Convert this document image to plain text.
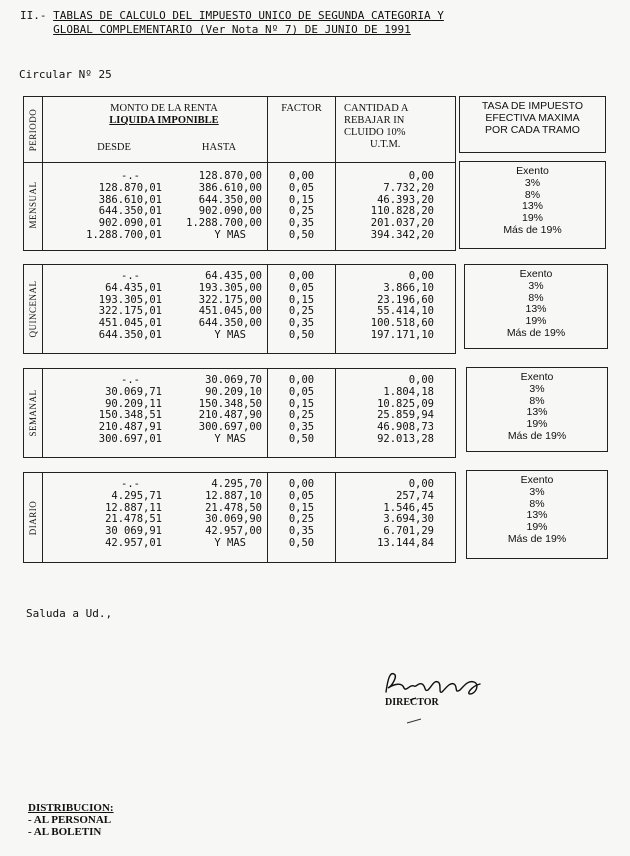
II.- TABLAS DE CALCULO DEL IMPUESTO UNICO DE SEGUNDA CATEGORIA Y
GLOBAL COMPLEMENTARIO (Ver Nota Nº 7) DE JUNIO DE 1991
Circular Nº 25
PERIODO
MENSUAL
MONTO DE LA RENTA
LIQUIDA IMPONIBLE
DESDE	HASTA
FACTOR	CANTIDAD A
REBAJAR IN
CLUIDO 10%
U.T.M.
-.-
128.870,01
386.610,01
644.350,01
902.090,01
1.288.700,01
128.870,00
386.610,00
644.350,00
902.090,00
1.288.700,00
Y MAS
0,00
0,05
0,15
0,25
0,35
0,50
0,00
7.732,20
46.393,20
110.828,20
201.037,20
394.342,20
TASA DE IMPUESTO
EFECTIVA MAXIMA
POR CADA TRAMO
Exento
3%
8%
13%
19%
Más de 19%
QUINCENAL
-.-
64.435,01
193.305,01
322.175,01
451.045,01
644.350,01
64.435,00
193.305,00
322.175,00
451.045,00
644.350,00
Y MAS
0,00
0,05
0,15
0,25
0,35
0,50
0,00
3.866,10
23.196,60
55.414,10
100.518,60
197.171,10
Exento
3%
8%
13%
19%
Más de 19%
SEMANAL
-.-
30.069,71
90.209,11
150.348,51
210.487,91
300.697,01
30.069,70
90.209,10
150.348,50
210.487,90
300.697,00
Y MAS
0,00
0,05
0,15
0,25
0,35
0,50
0,00
1.804,18
10.825,09
25.859,94
46.908,73
92.013,28
Exento
3%
8%
13%
19%
Más de 19%
DIARIO
-.-
4.295,71
12.887,11
21.478,51
30 069,91
42.957,01
4.295,70
12.887,10
21.478,50
30.069,90
42.957,00
Y MAS
0,00
0,05
0,15
0,25
0,35
0,50
0,00
257,74
1.546,45
3.694,30
6.701,29
13.144,84
Exento
3%
8%
13%
19%
Más de 19%
Saluda a Ud.,
DIRECTOR
DISTRIBUCION:
- AL PERSONAL
- AL BOLETIN
